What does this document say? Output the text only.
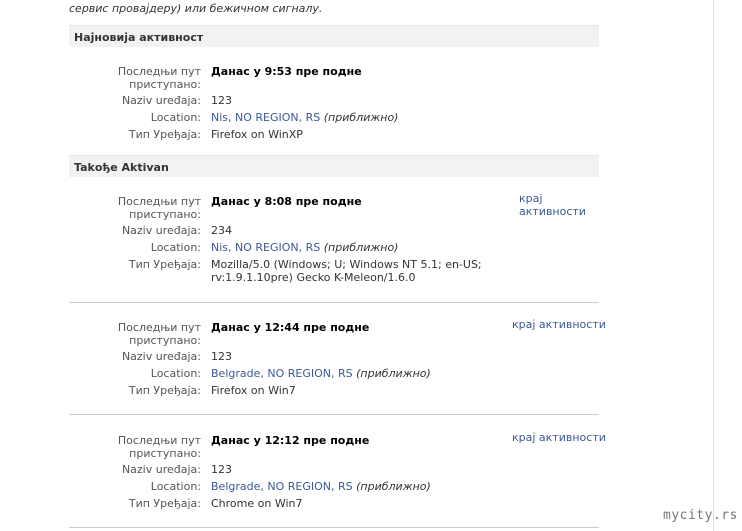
сервис провајдеру) или бежичном сигналу.
Најновија активност
Последњи пут приступано:
Данас у 9:53 пре подне
Naziv uređaja: 123
Location: Nis, NO REGION, RS (приближно)
Тип Уређаја: Firefox on WinXP
Takође Aktivan
Последњи пут приступано:
Данас у 8:08 пре подне	крај
активности
Naziv uređaja: 234
Location: Nis, NO REGION, RS (приближно)
Тип Уређаја: Mozilla/5.0 (Windows; U; Windows NT 5.1; en-US;
rv:1.9.1.10pre) Gecko K-Meleon/1.6.0
Последњи пут приступано:
Данас у 12:44 пре подне	крај активности
Naziv uređaja: 123
Location: Belgrade, NO REGION, RS (приближно)
Тип Уређаја: Firefox on Win7
Последњи пут приступано:
Данас у 12:12 пре подне	крај активности
Naziv uređaja: 123
Location: Belgrade, NO REGION, RS (приближно)
Тип Уређаја: Chrome on Win7
mycity.rs
